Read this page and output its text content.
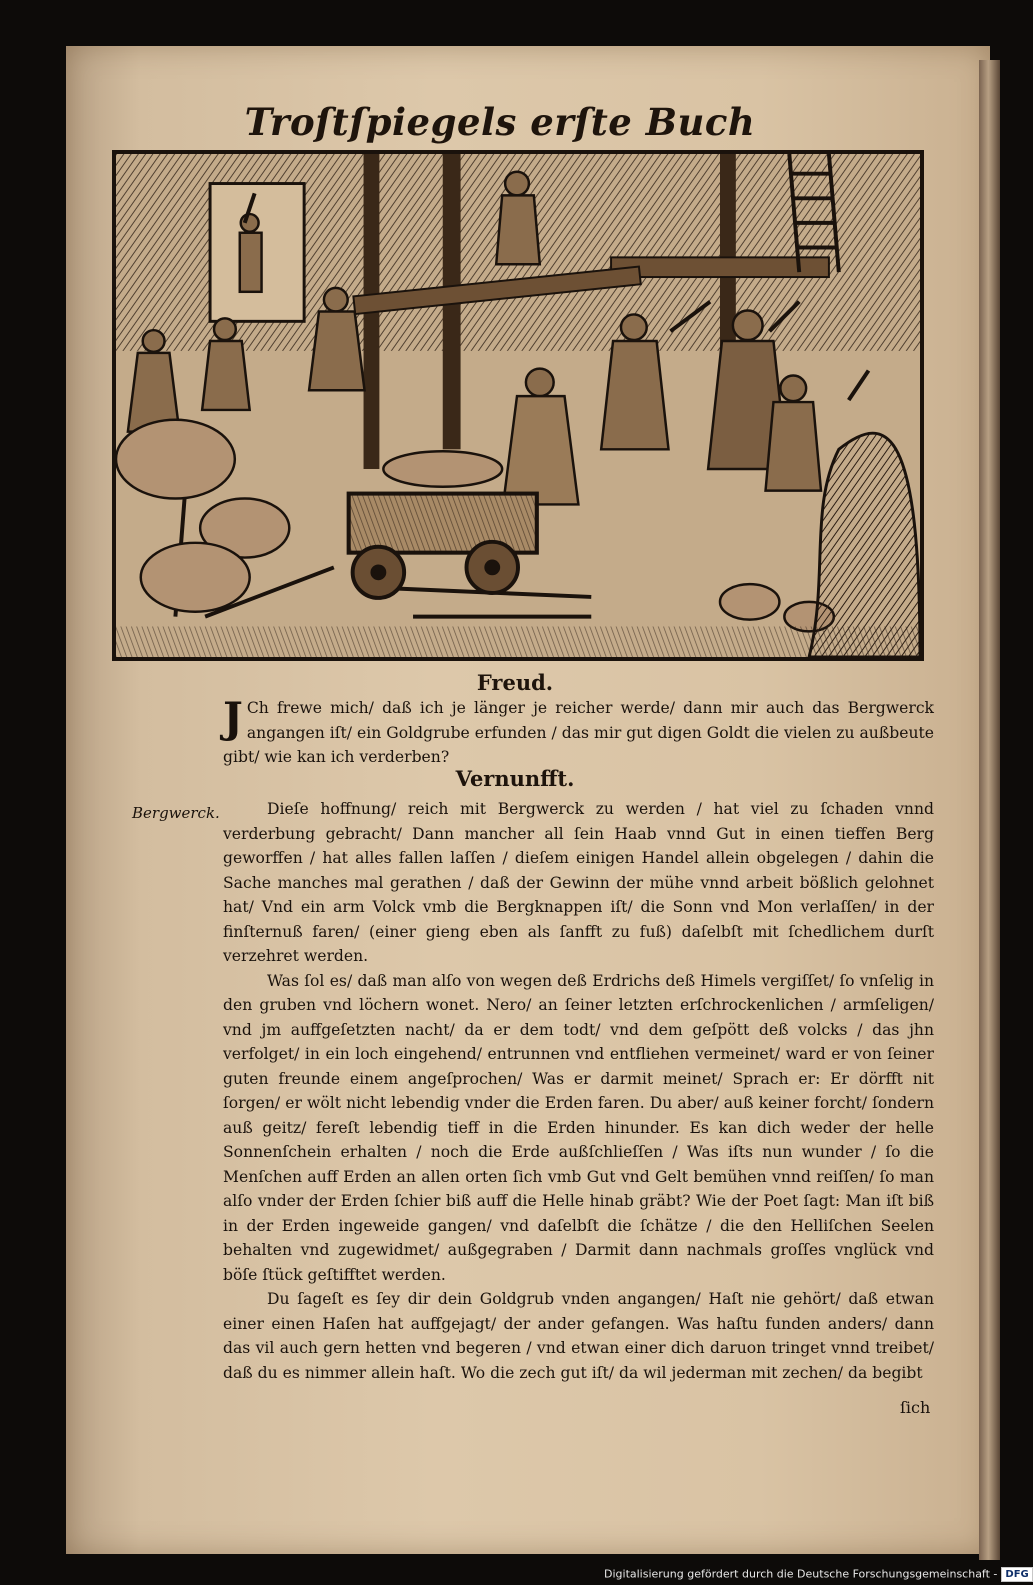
Troſtſpiegels erſte Buch
Freud.

J Ch frewe mich/ daß ich je länger je reicher werde/ dann mir auch das Bergwerck angangen iſt/ ein Goldgrube erfunden / das mir gut digen Goldt die vielen zu außbeute gibt/ wie kan ich verderben?

Vernunfft.
Bergwerck.	Dieſe hoffnung/ reich mit Bergwerck zu werden / hat viel zu ſchaden vnnd verderbung gebracht/ Dann mancher all ſein Haab vnnd Gut in einen tieffen Berg geworffen / hat alles fallen laſſen / dieſem einigen Handel allein obgelegen / dahin die Sache manches mal gerathen / daß der Gewinn der mühe vnnd arbeit bößlich gelohnet hat/ Vnd ein arm Volck vmb die Bergknappen iſt/ die Sonn vnd Mon verlaſſen/ in der finſternuß faren/ (einer gieng eben als ſanfft zu fuß) daſelbſt mit ſchedlichem durſt verzehret werden.

Was ſol es/ daß man alſo von wegen deß Erdrichs deß Himels vergiſſet/ ſo vnſelig in den gruben vnd löchern wonet. Nero/ an ſeiner letzten erſchrockenlichen / armſeligen/ vnd jm auffgeſetzten nacht/ da er dem todt/ vnd dem geſpött deß volcks / das jhn verfolget/ in ein loch eingehend/ entrunnen vnd entfliehen vermeinet/ ward er von ſeiner guten freunde einem angeſprochen/ Was er darmit meinet/ Sprach er: Er dörfft nit ſorgen/ er wölt nicht lebendig vnder die Erden faren. Du aber/ auß keiner forcht/ ſondern auß geitz/ fereſt lebendig tieff in die Erden hinunder. Es kan dich weder der helle Sonnenſchein erhalten / noch die Erde außſchlieſſen / Was iſts nun wunder / ſo die Menſchen auff Erden an allen orten ſich vmb Gut vnd Gelt bemühen vnnd reiſſen/ ſo man alſo vnder der Erden ſchier biß auff die Helle hinab gräbt? Wie der Poet ſagt: Man iſt biß in der Erden ingeweide gangen/ vnd daſelbſt die ſchätze / die den Helliſchen Seelen behalten vnd zugewidmet/ außgegraben / Darmit dann nachmals groſſes vnglück vnd böſe ſtück geſtifftet werden.

Du ſageſt es ſey dir dein Goldgrub vnden angangen/ Haſt nie gehört/ daß etwan einer einen Haſen hat auffgejagt/ der ander gefangen. Was haſtu funden anders/ dann das vil auch gern hetten vnd begeren / vnd etwan einer dich daruon tringet vnnd treibet/ daß du es nimmer allein haſt. Wo die zech gut iſt/ da wil jederman mit zechen/ da begibt

ſich
Digitalisierung gefördert durch die Deutsche Forschungsgemeinschaft - DFG
